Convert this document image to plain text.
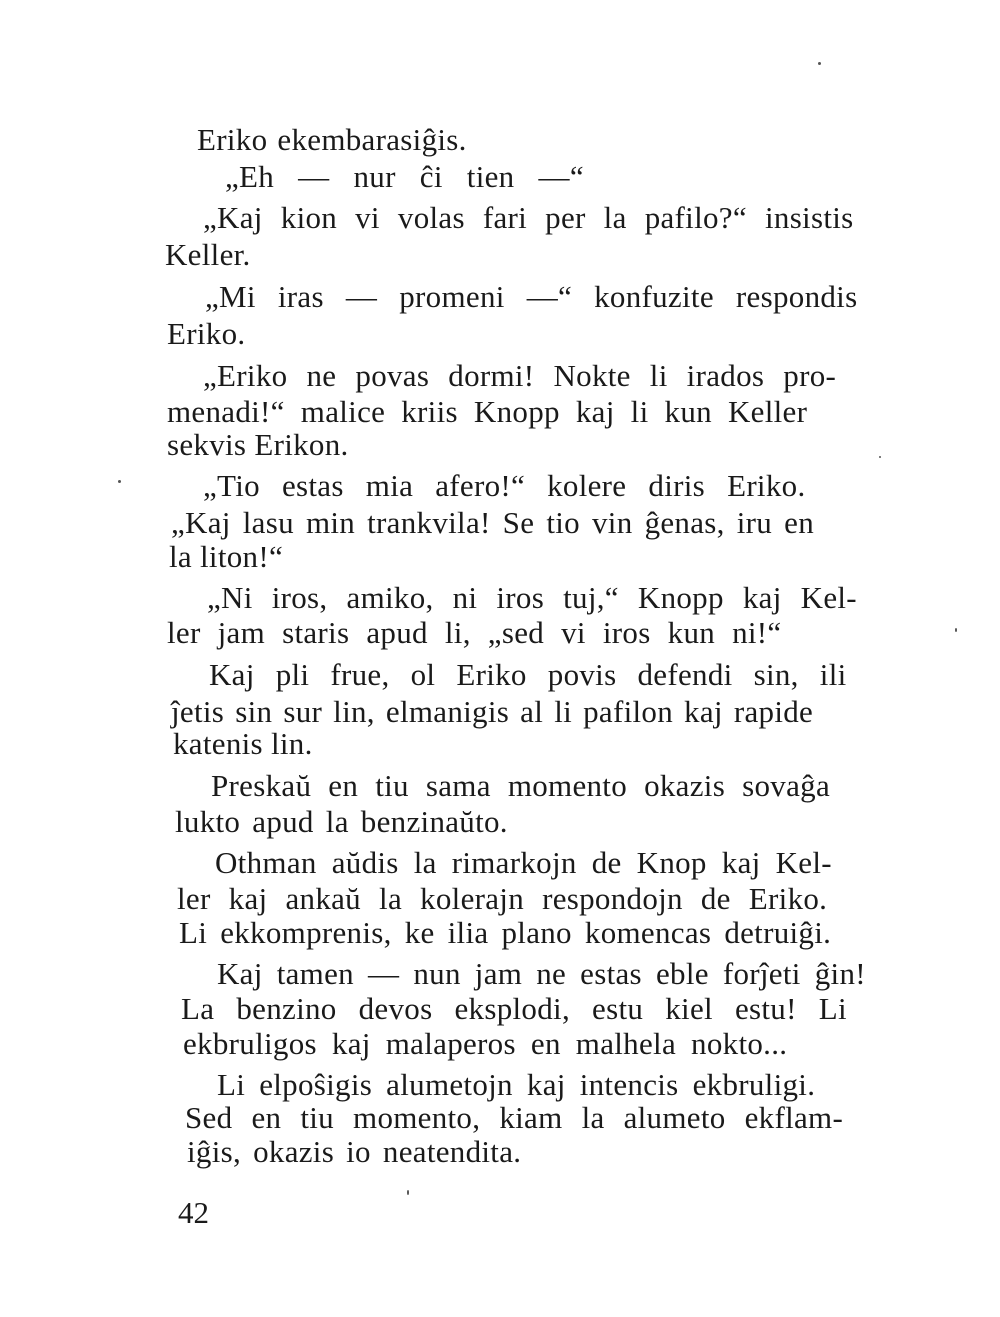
Eriko ekembarasiĝis.
„Eh — nur ĉi tien —“
„Kaj kion vi volas fari per la pafilo?“ insistis
Keller.
„Mi iras — promeni —“ konfuzite respondis
Eriko.
„Eriko ne povas dormi! Nokte li irados pro-
menadi!“ malice kriis Knopp kaj li kun Keller
sekvis Erikon.
„Tio estas mia afero!“ kolere diris Eriko.
„Kaj lasu min trankvila! Se tio vin ĝenas, iru en
la liton!“
„Ni iros, amiko, ni iros tuj,“ Knopp kaj Kel-
ler jam staris apud li, „sed vi iros kun ni!“
Kaj pli frue, ol Eriko povis defendi sin, ili
ĵetis sin sur lin, elmanigis al li pafilon kaj rapide
katenis lin.
Preskaŭ en tiu sama momento okazis sovaĝa
lukto apud la benzinaŭto.
Othman aŭdis la rimarkojn de Knop kaj Kel-
ler kaj ankaŭ la kolerajn respondojn de Eriko.
Li ekkomprenis, ke ilia plano komencas detruiĝi.
Kaj tamen — nun jam ne estas eble forĵeti ĝin!
La benzino devos eksplodi, estu kiel estu! Li
ekbruligos kaj malaperos en malhela nokto...
Li elpoŝigis alumetojn kaj intencis ekbruligi.
Sed en tiu momento, kiam la alumeto ekflam-
iĝis, okazis io neatendita.
42
